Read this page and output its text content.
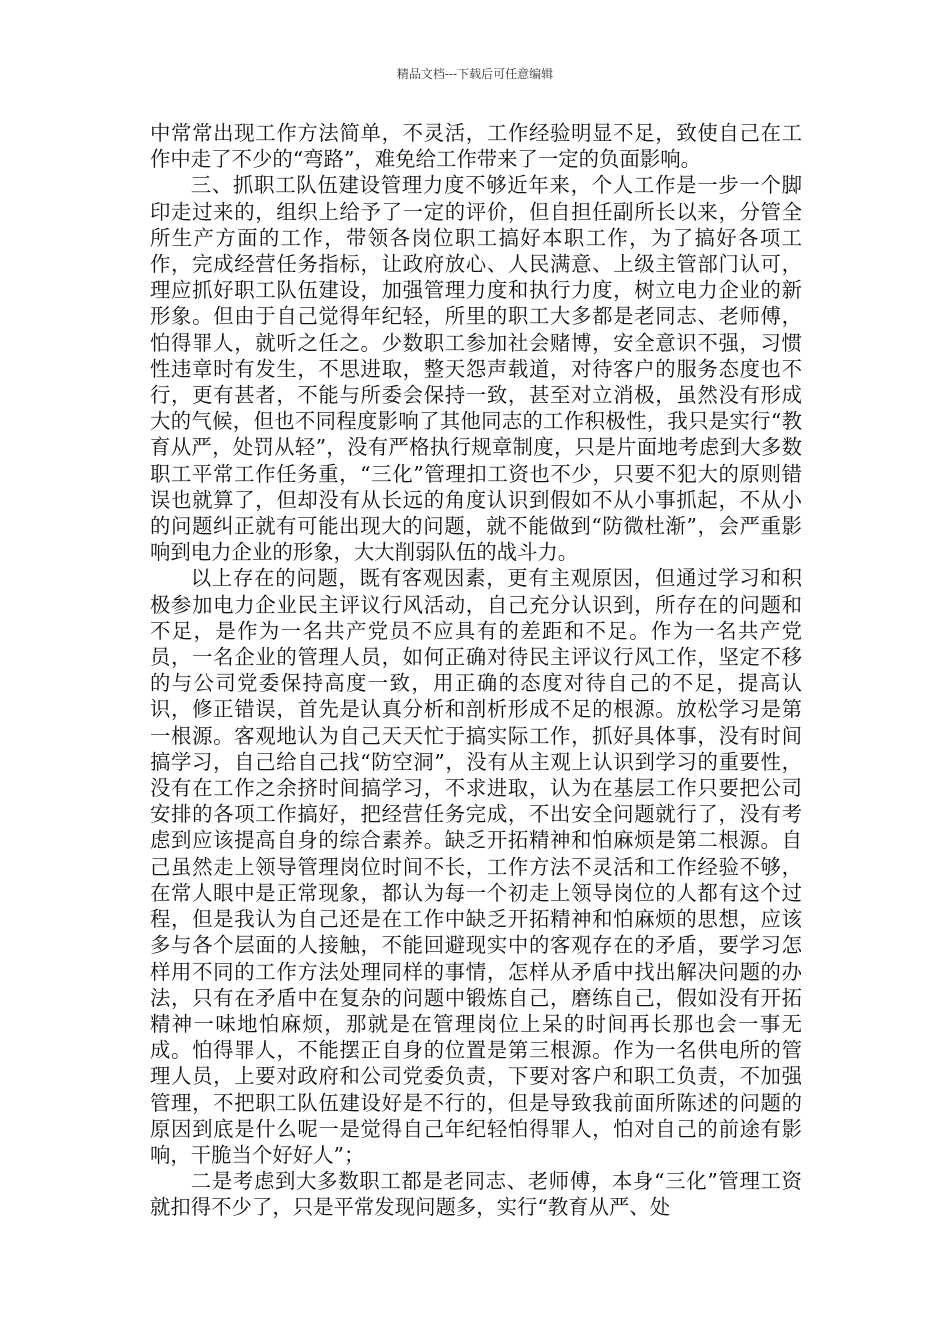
精品文档---下载后可任意编辑

中常常出现工作方法简单，不灵活，工作经验明显不足，致使自己在工作中走了不少的“弯路”，难免给工作带来了一定的负面影响。

三、抓职工队伍建设管理力度不够近年来，个人工作是一步一个脚印走过来的，组织上给予了一定的评价，但自担任副所长以来，分管全所生产方面的工作，带领各岗位职工搞好本职工作，为了搞好各项工作，完成经营任务指标，让政府放心、人民满意、上级主管部门认可，理应抓好职工队伍建设，加强管理力度和执行力度，树立电力企业的新形象。但由于自己觉得年纪轻，所里的职工大多都是老同志、老师傅，怕得罪人，就听之任之。少数职工参加社会赌博，安全意识不强，习惯性违章时有发生，不思进取，整天怨声载道，对待客户的服务态度也不行，更有甚者，不能与所委会保持一致，甚至对立消极，虽然没有形成大的气候，但也不同程度影响了其他同志的工作积极性，我只是实行“教育从严，处罚从轻”，没有严格执行规章制度，只是片面地考虑到大多数职工平常工作任务重，“三化”管理扣工资也不少，只要不犯大的原则错误也就算了，但却没有从长远的角度认识到假如不从小事抓起，不从小的问题纠正就有可能出现大的问题，就不能做到“防微杜渐”，会严重影响到电力企业的形象，大大削弱队伍的战斗力。

以上存在的问题，既有客观因素，更有主观原因，但通过学习和积极参加电力企业民主评议行风活动，自己充分认识到，所存在的问题和不足，是作为一名共产党员不应具有的差距和不足。作为一名共产党员，一名企业的管理人员，如何正确对待民主评议行风工作，坚定不移的与公司党委保持高度一致，用正确的态度对待自己的不足，提高认识，修正错误，首先是认真分析和剖析形成不足的根源。放松学习是第一根源。客观地认为自己天天忙于搞实际工作，抓好具体事，没有时间搞学习，自己给自己找“防空洞”，没有从主观上认识到学习的重要性，没有在工作之余挤时间搞学习，不求进取，认为在基层工作只要把公司安排的各项工作搞好，把经营任务完成，不出安全问题就行了，没有考虑到应该提高自身的综合素养。缺乏开拓精神和怕麻烦是第二根源。自己虽然走上领导管理岗位时间不长，工作方法不灵活和工作经验不够，在常人眼中是正常现象，都认为每一个初走上领导岗位的人都有这个过程，但是我认为自己还是在工作中缺乏开拓精神和怕麻烦的思想，应该多与各个层面的人接触，不能回避现实中的客观存在的矛盾，要学习怎样用不同的工作方法处理同样的事情，怎样从矛盾中找出解决问题的办法，只有在矛盾中在复杂的问题中锻炼自己，磨练自己，假如没有开拓精神一味地怕麻烦，那就是在管理岗位上呆的时间再长那也会一事无成。怕得罪人，不能摆正自身的位置是第三根源。作为一名供电所的管理人员，上要对政府和公司党委负责，下要对客户和职工负责，不加强管理，不把职工队伍建设好是不行的，但是导致我前面所陈述的问题的原因到底是什么呢一是觉得自己年纪轻怕得罪人，怕对自己的前途有影响，干脆当个好好人”；

二是考虑到大多数职工都是老同志、老师傅，本身“三化”管理工资就扣得不少了，只是平常发现问题多，实行“教育从严、处
